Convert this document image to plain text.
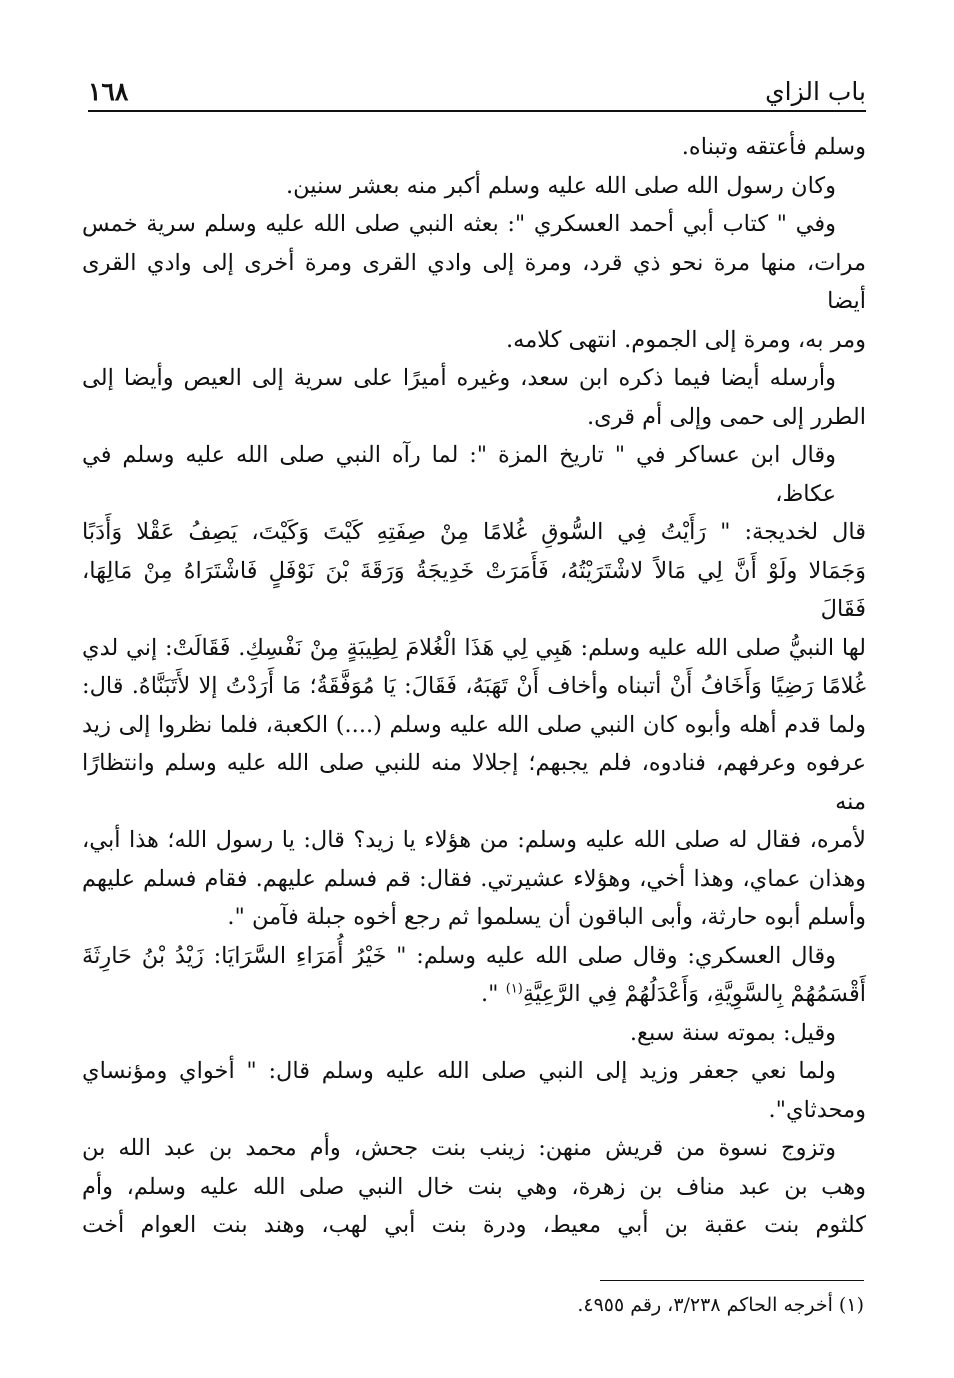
باب الزاي
١٦٨
وسلم فأعتقه وتبناه.
وكان رسول الله صلى الله عليه وسلم أكبر منه بعشر سنين.
وفي " كتاب أبي أحمد العسكري ": بعثه النبي صلى الله عليه وسلم سرية خمس
مرات، منها مرة نحو ذي قرد، ومرة إلى وادي القرى ومرة أخرى إلى وادي القرى أيضا
ومر به، ومرة إلى الجموم. انتهى كلامه.
وأرسله أيضا فيما ذكره ابن سعد، وغيره أميرًا على سرية إلى العيص وأيضا إلى
الطرر إلى حمى وإلى أم قرى.
وقال ابن عساكر في " تاريخ المزة ": لما رآه النبي صلى الله عليه وسلم في عكاظ،
قال لخديجة: " رَأَيْتُ فِي السُّوقِ غُلامًا مِنْ صِفَتِهِ كَيْتَ وَكَيْتَ، يَصِفُ عَقْلا وَأَدَبًا
وَجَمَالا ولَوْ أَنَّ لِي مَالاً لاشْتَرَيْتُهُ، فَأَمَرَتْ خَدِيجَةُ وَرَقَةَ بْنَ نَوْفَلٍ فَاشْتَرَاهُ مِنْ مَالِهَا، فَقَالَ
لها النبيُّ صلى الله عليه وسلم: هَبِي لِي هَذَا الْغُلامَ لِطِيبَةٍ مِنْ نَفْسِكِ. فَقَالَتْ: إني لدي
غُلامًا رَضِيًا وَأَخَافُ أَنْ أتبناه وأخاف أَنْ تَهَبَهُ، فَقَالَ: يَا مُوَفَّقَةُ؛ مَا أَرَدْتُ إلا لأَتَبَنَّاهُ. قال:
ولما قدم أهله وأبوه كان النبي صلى الله عليه وسلم (....) الكعبة، فلما نظروا إلى زيد
عرفوه وعرفهم، فنادوه، فلم يجبهم؛ إجلالا منه للنبي صلى الله عليه وسلم وانتظارًا منه
لأمره، فقال له صلى الله عليه وسلم: من هؤلاء يا زيد؟ قال: يا رسول الله؛ هذا أبي،
وهذان عماي، وهذا أخي، وهؤلاء عشيرتي. فقال: قم فسلم عليهم. فقام فسلم عليهم
وأسلم أبوه حارثة، وأبى الباقون أن يسلموا ثم رجع أخوه جبلة فآمن ".
وقال العسكري: وقال صلى الله عليه وسلم: " خَيْرُ أُمَرَاءِ السَّرَايَا: زَيْدُ بْنُ حَارِثَةَ
أَقْسَمُهُمْ بِالسَّوِيَّةِ، وَأَعْدَلُهُمْ فِي الرَّعِيَّةِ$^{(١)}$ ".
وقيل: بموته سنة سبع.
ولما نعي جعفر وزيد إلى النبي صلى الله عليه وسلم قال: " أخواي ومؤنساي
ومحدثاي".
وتزوج نسوة من قريش منهن: زينب بنت جحش، وأم محمد بن عبد الله بن
وهب بن عبد مناف بن زهرة، وهي بنت خال النبي صلى الله عليه وسلم، وأم
كلثوم بنت عقبة بن أبي معيط، ودرة بنت أبي لهب، وهند بنت العوام أخت
(١) أخرجه الحاكم ٣/٢٣٨، رقم ٤٩٥٥.
